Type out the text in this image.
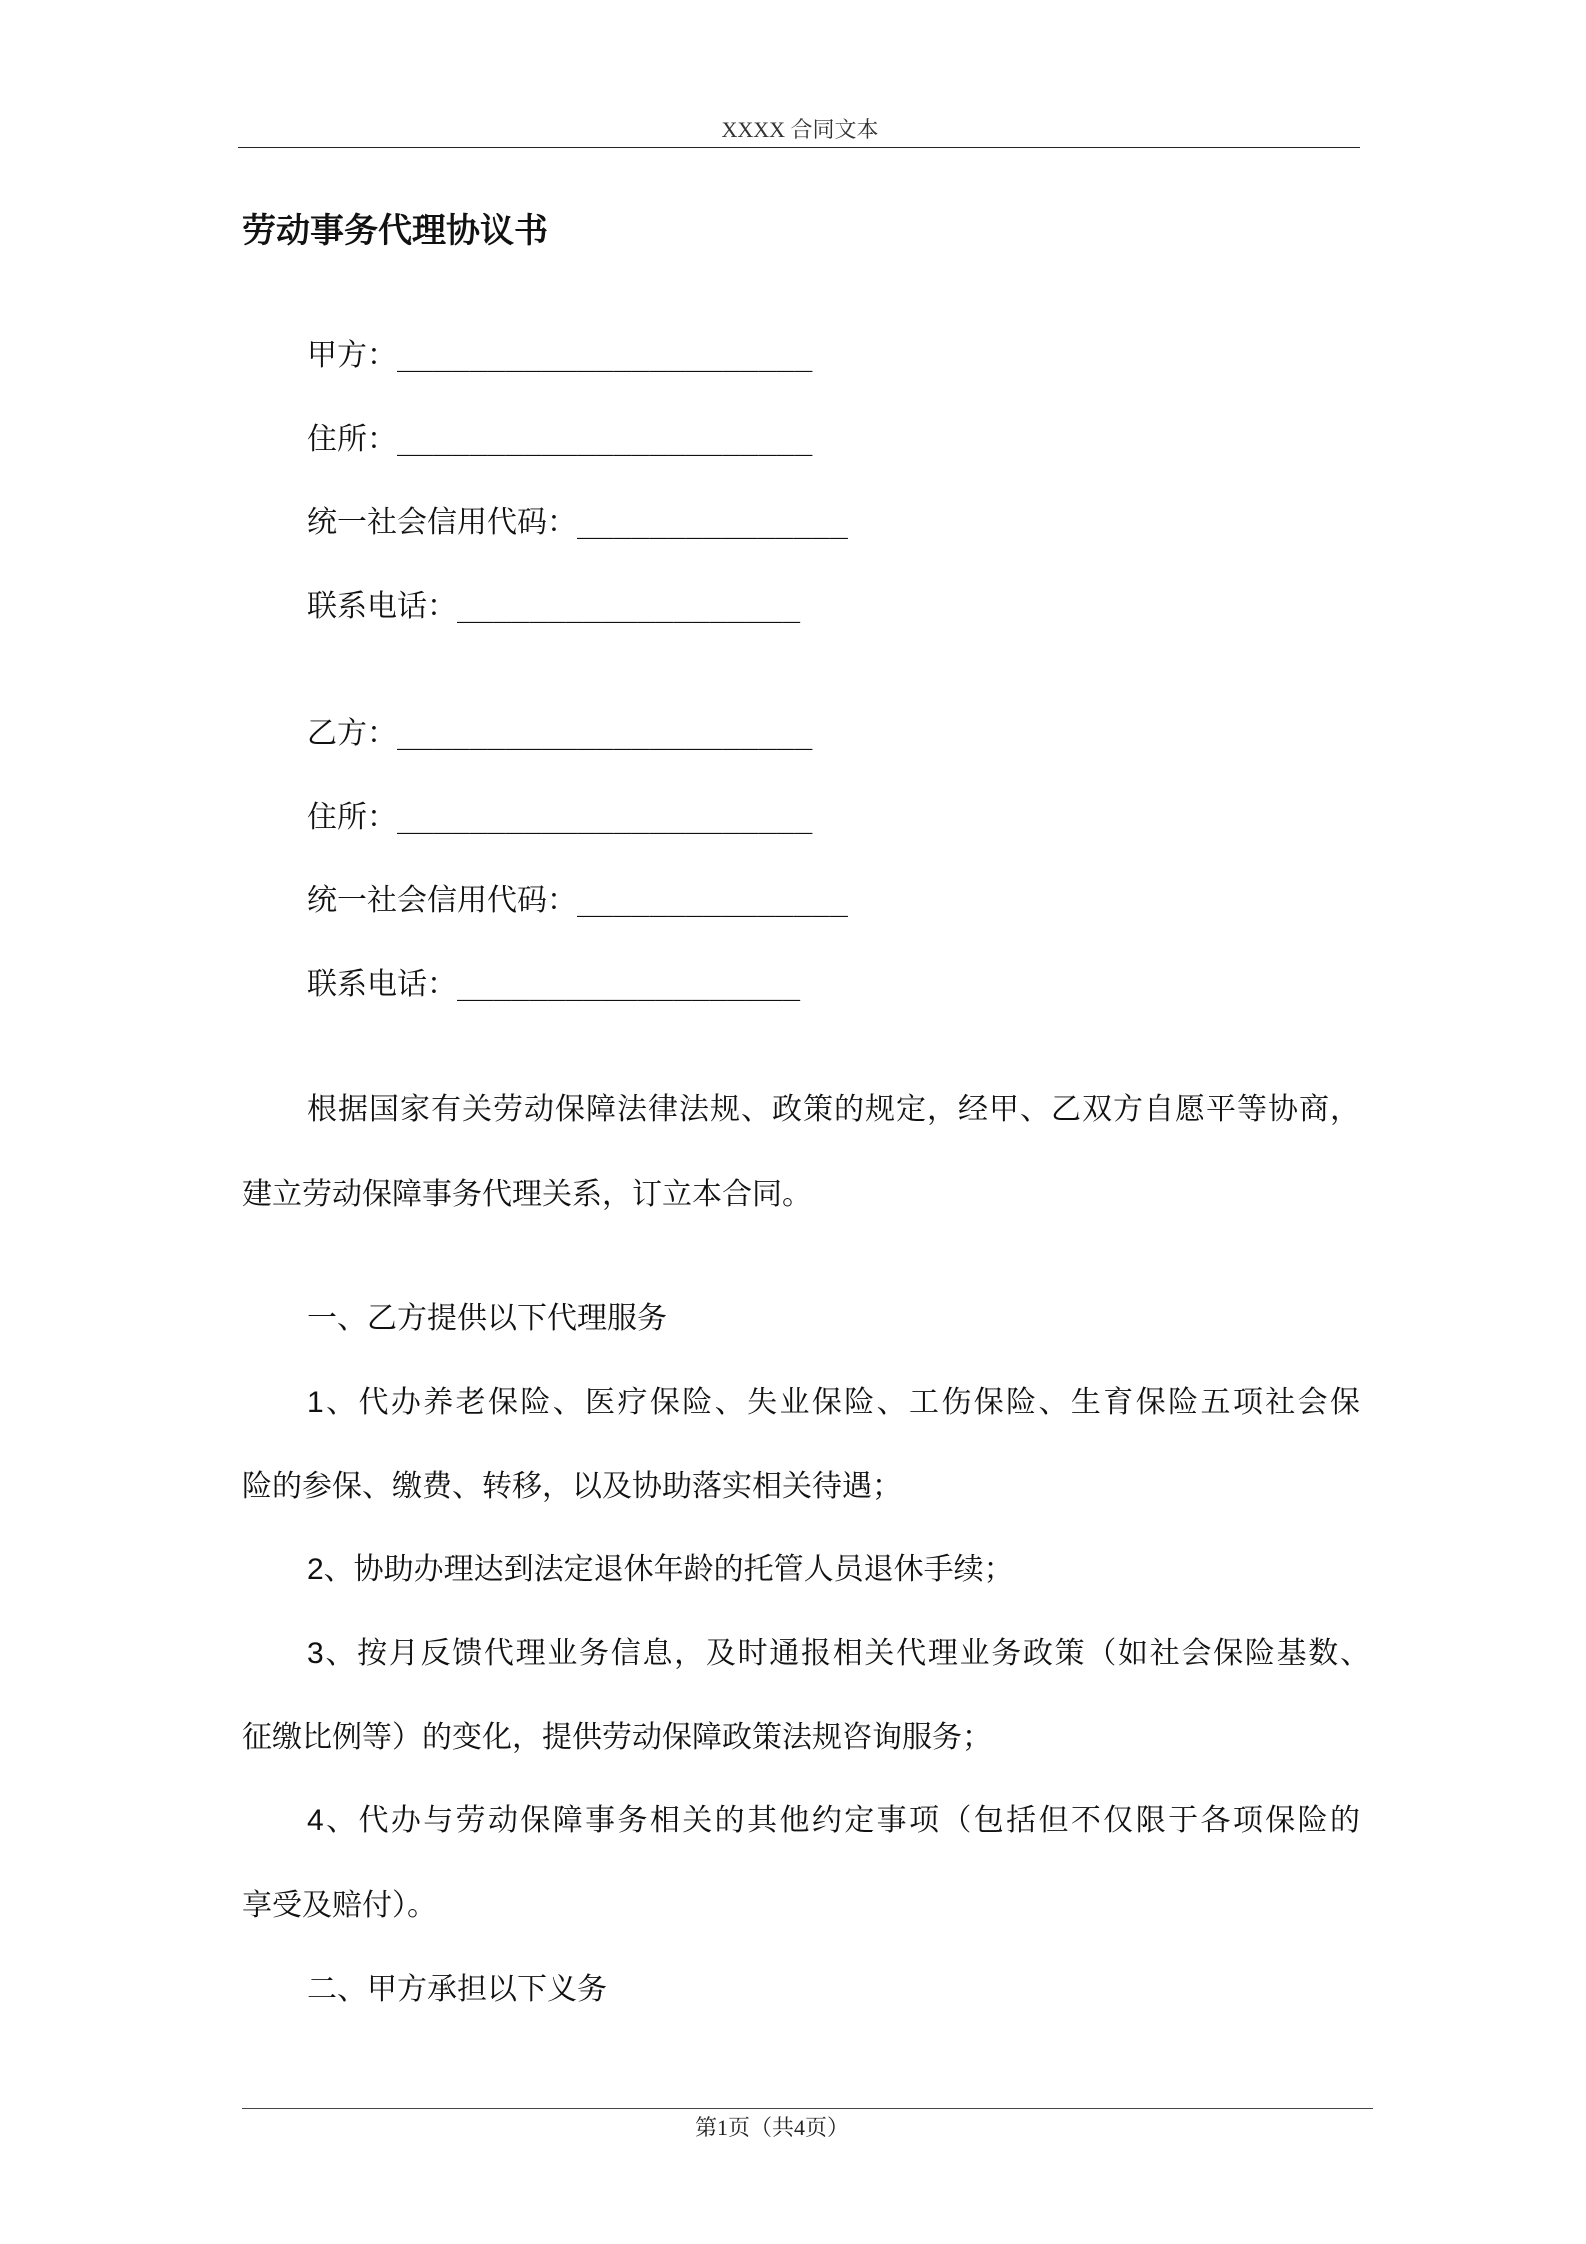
XXXX 合同文本
劳动事务代理协议书
甲方：_______________________
住所：_______________________
统一社会信用代码：_______________
联系电话：___________________
乙方：_______________________
住所：_______________________
统一社会信用代码：_______________
联系电话：___________________
根据国家有关劳动保障法律法规、政策的规定，经甲、乙双方自愿平等协商，
建立劳动保障事务代理关系，订立本合同。
一、乙方提供以下代理服务
1、代办养老保险、医疗保险、失业保险、工伤保险、生育保险五项社会保
险的参保、缴费、转移，以及协助落实相关待遇；
2、协助办理达到法定退休年龄的托管人员退休手续；
3、按月反馈代理业务信息，及时通报相关代理业务政策（如社会保险基数、
征缴比例等）的变化，提供劳动保障政策法规咨询服务；
4、代办与劳动保障事务相关的其他约定事项（包括但不仅限于各项保险的
享受及赔付）。
二、甲方承担以下义务
第1页（共4页）
